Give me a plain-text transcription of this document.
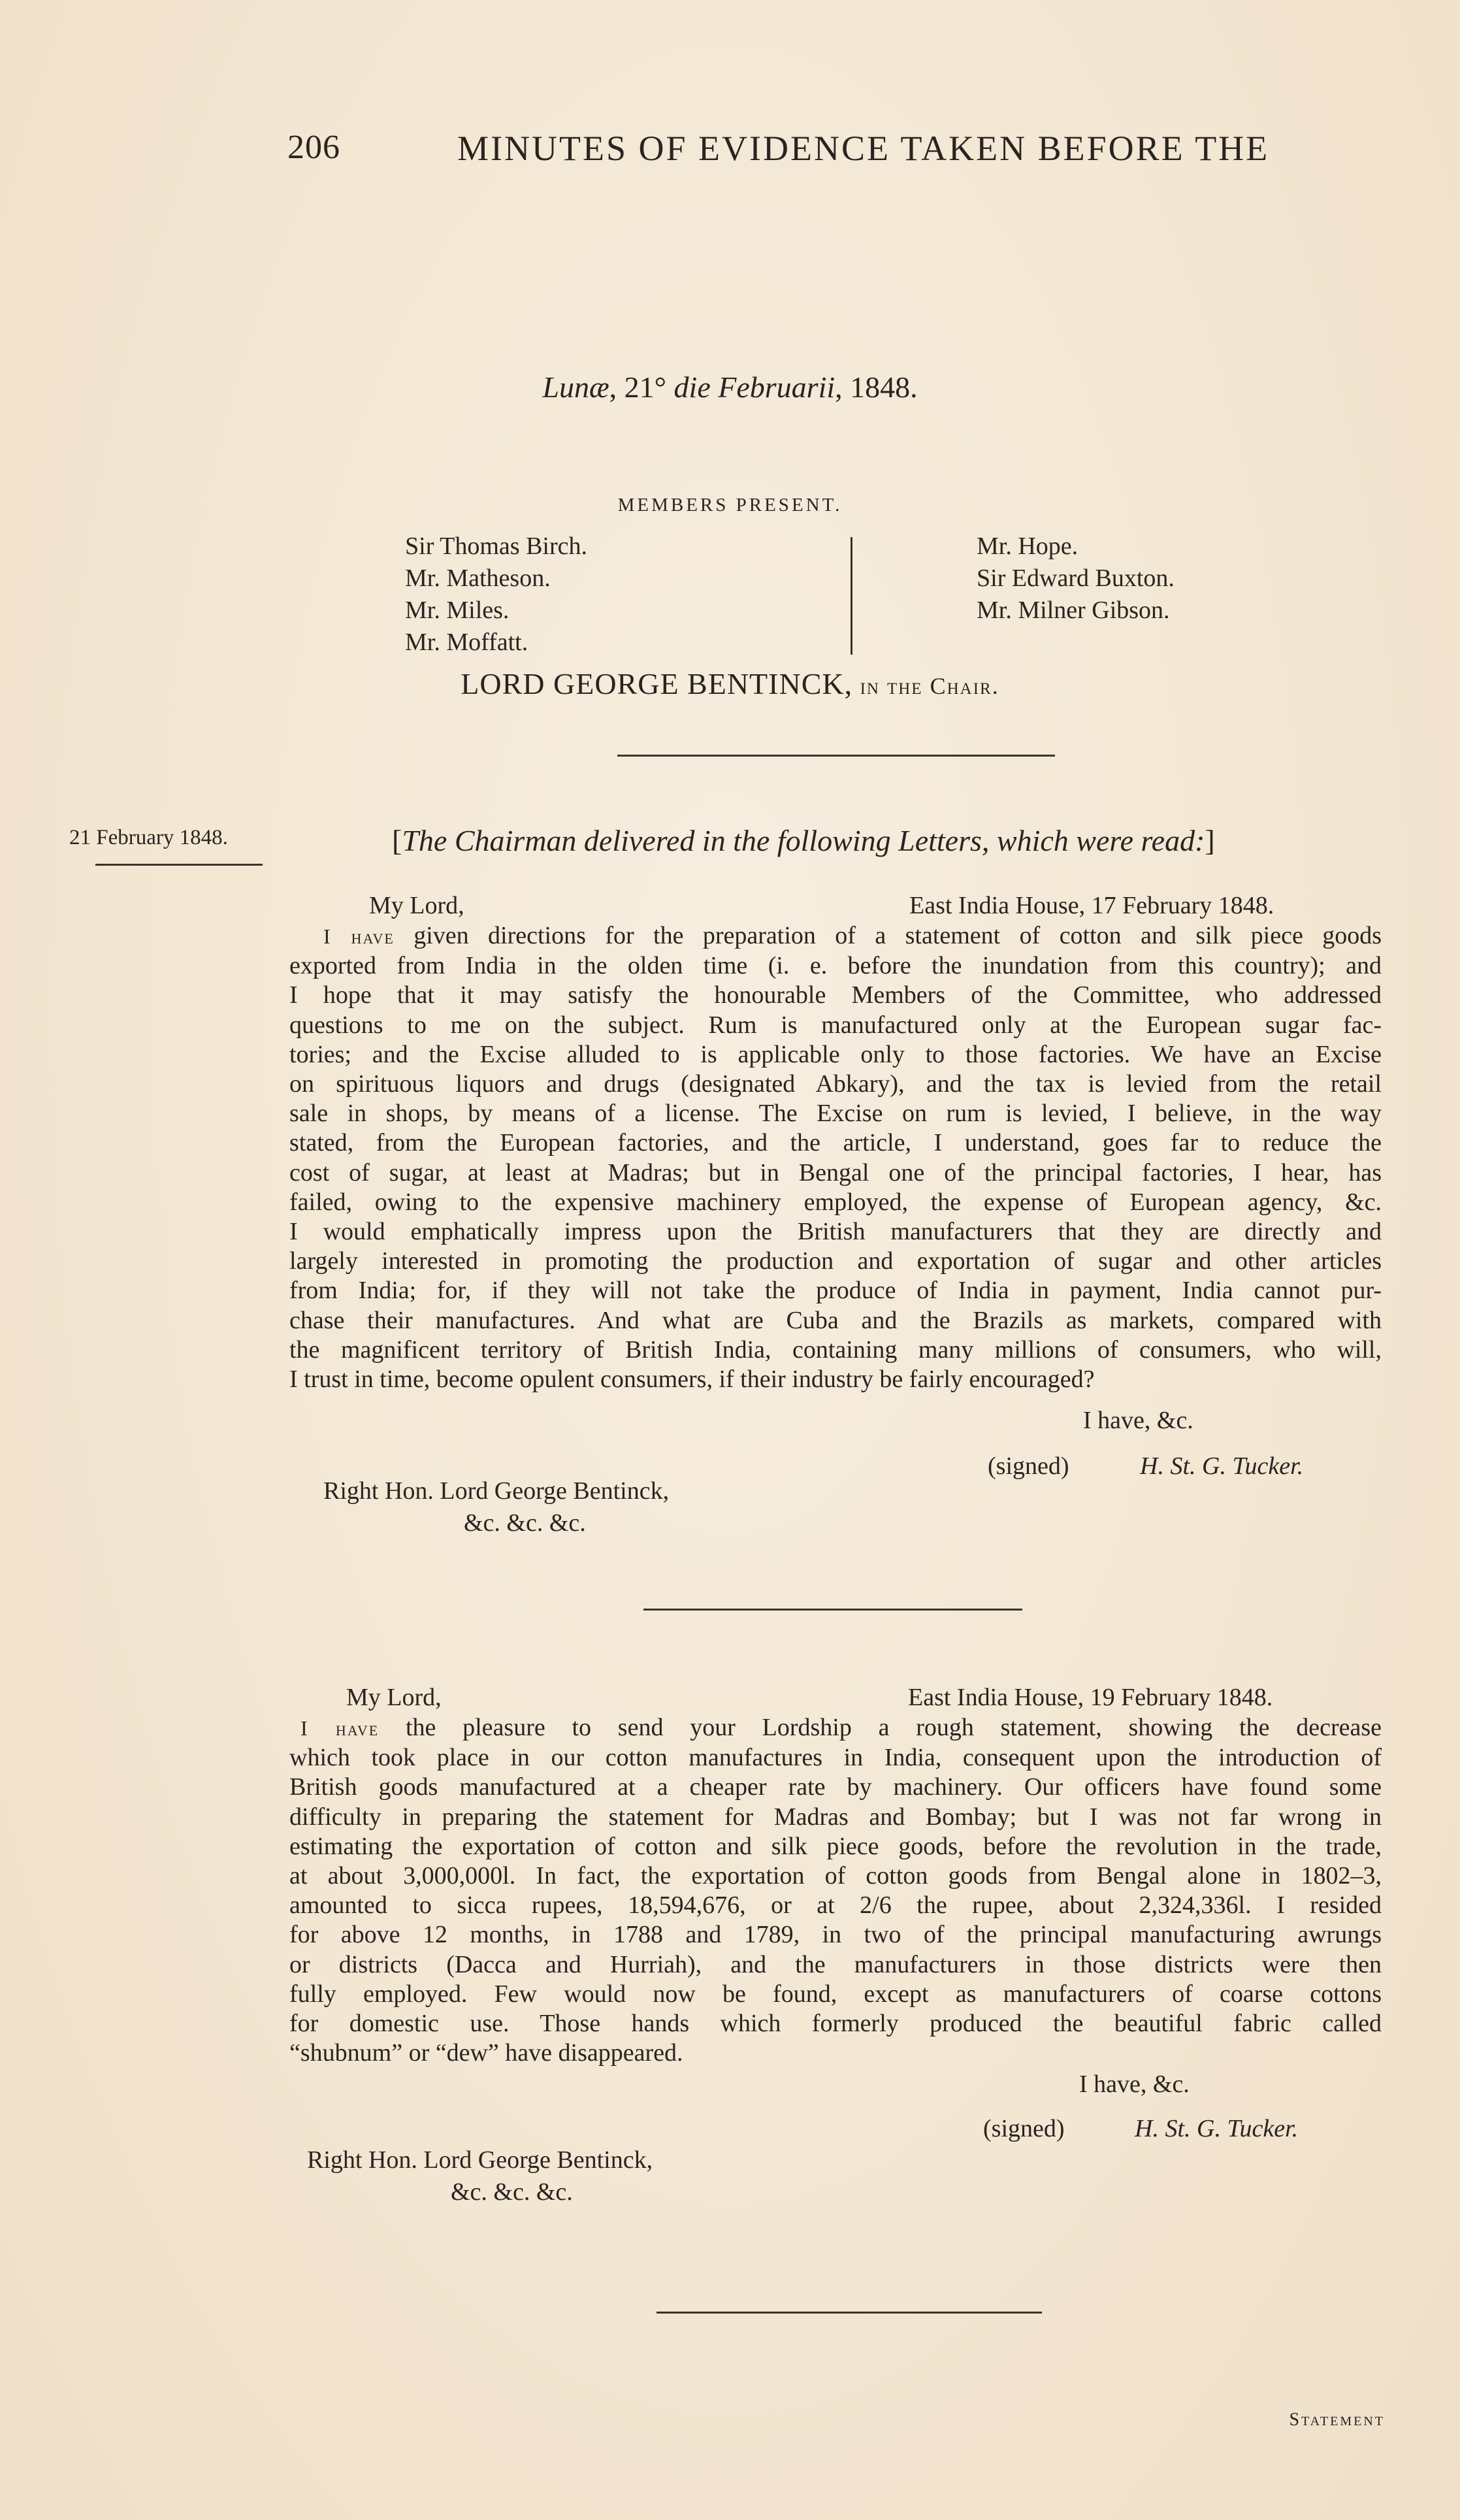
206	MINUTES OF EVIDENCE TAKEN BEFORE THE
Lunæ, 21° die Februarii, 1848.
MEMBERS PRESENT.
Sir Thomas Birch.
Mr. Matheson.
Mr. Miles.
Mr. Moffatt.
Mr. Hope.
Sir Edward Buxton.
Mr. Milner Gibson.
LORD GEORGE BENTINCK, in the Chair.
21 February 1848.	[The Chairman delivered in the following Letters, which were read:]
My Lord,	East India House, 17 February 1848.
I have given directions for the preparation of a statement of cotton and silk piece goods
exported from India in the olden time (i. e. before the inundation from this country); and
I hope that it may satisfy the honourable Members of the Committee, who addressed
questions to me on the subject. Rum is manufactured only at the European sugar fac-
tories; and the Excise alluded to is applicable only to those factories. We have an Excise
on spirituous liquors and drugs (designated Abkary), and the tax is levied from the retail
sale in shops, by means of a license. The Excise on rum is levied, I believe, in the way
stated, from the European factories, and the article, I understand, goes far to reduce the
cost of sugar, at least at Madras; but in Bengal one of the principal factories, I hear, has
failed, owing to the expensive machinery employed, the expense of European agency, &c.
I would emphatically impress upon the British manufacturers that they are directly and
largely interested in promoting the production and exportation of sugar and other articles
from India; for, if they will not take the produce of India in payment, India cannot pur-
chase their manufactures. And what are Cuba and the Brazils as markets, compared with
the magnificent territory of British India, containing many millions of consumers, who will,
I trust in time, become opulent consumers, if their industry be fairly encouraged?
I have, &c.
(signed)	H. St. G. Tucker.
Right Hon. Lord George Bentinck,
&c. &c. &c.
My Lord,	East India House, 19 February 1848.
I have the pleasure to send your Lordship a rough statement, showing the decrease
which took place in our cotton manufactures in India, consequent upon the introduction of
British goods manufactured at a cheaper rate by machinery. Our officers have found some
difficulty in preparing the statement for Madras and Bombay; but I was not far wrong in
estimating the exportation of cotton and silk piece goods, before the revolution in the trade,
at about 3,000,000l. In fact, the exportation of cotton goods from Bengal alone in 1802–3,
amounted to sicca rupees, 18,594,676, or at 2/6 the rupee, about 2,324,336l. I resided
for above 12 months, in 1788 and 1789, in two of the principal manufacturing awrungs
or districts (Dacca and Hurriah), and the manufacturers in those districts were then
fully employed. Few would now be found, except as manufacturers of coarse cottons
for domestic use. Those hands which formerly produced the beautiful fabric called
“shubnum” or “dew” have disappeared.
I have, &c.
(signed)	H. St. G. Tucker.
Right Hon. Lord George Bentinck,
&c. &c. &c.
Statement
